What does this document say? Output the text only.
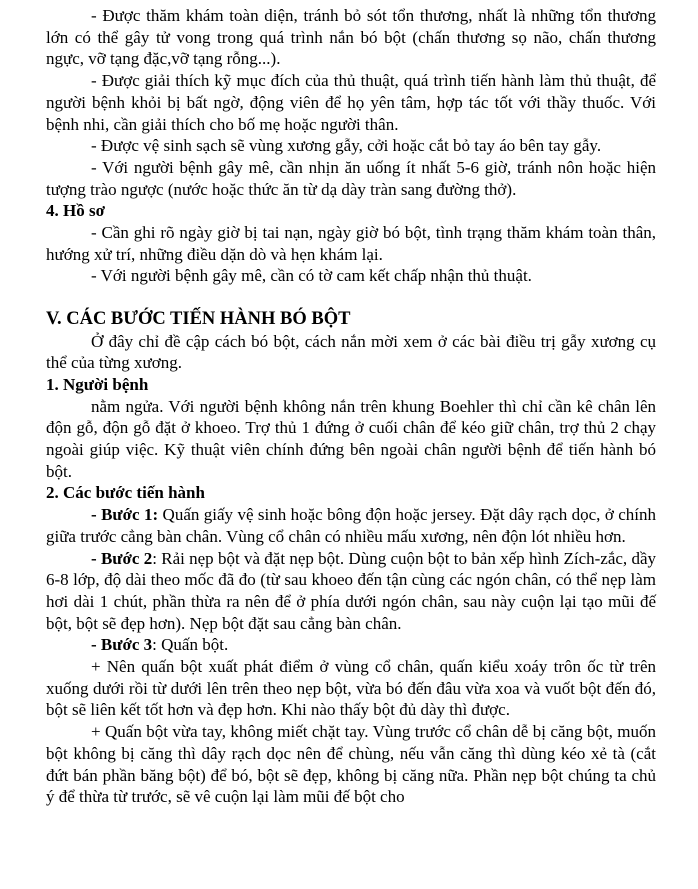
- Được thăm khám toàn diện, tránh bỏ sót tổn thương, nhất là những tổn thương lớn có thể gây tử vong trong quá trình nắn bó bột (chấn thương sọ não, chấn thương ngực, vỡ tạng đặc,vỡ tạng rỗng...).

- Được giải thích kỹ mục đích của thủ thuật, quá trình tiến hành làm thủ thuật, để người bệnh khỏi bị bất ngờ, động viên để họ yên tâm, hợp tác tốt với thầy thuốc. Với bệnh nhi, cần giải thích cho bố mẹ hoặc người thân.

- Được vệ sinh sạch sẽ vùng xương gẫy, cởi hoặc cắt bỏ tay áo bên tay gẫy.

- Với người bệnh gây mê, cần nhịn ăn uống ít nhất 5-6 giờ, tránh nôn hoặc hiện tượng trào ngược (nước hoặc thức ăn từ dạ dày tràn sang đường thở).

4. Hồ sơ

- Cần ghi rõ ngày giờ bị tai nạn, ngày giờ bó bột, tình trạng thăm khám toàn thân, hướng xử trí, những điều dặn dò và hẹn khám lại.

- Với người bệnh gây mê, cần có tờ cam kết chấp nhận thủ thuật.

V. CÁC BƯỚC TIẾN HÀNH BÓ BỘT

Ở đây chỉ đề cập cách bó bột, cách nắn mời xem ở các bài điều trị gẫy xương cụ thể của từng xương.

1. Người bệnh

nằm ngửa. Với người bệnh không nắn trên khung Boehler thì chỉ cần kê chân lên độn gỗ, độn gỗ đặt ở khoeo. Trợ thủ 1 đứng ở cuối chân để kéo giữ chân, trợ thủ 2 chạy ngoài giúp việc. Kỹ thuật viên chính đứng bên ngoài chân người bệnh để tiến hành bó bột.

2. Các bước tiến hành

- Bước 1: Quấn giấy vệ sinh hoặc bông độn hoặc jersey. Đặt dây rạch dọc, ở chính giữa trước cẳng bàn chân. Vùng cổ chân có nhiều mấu xương, nên độn lót nhiều hơn.

- Bước 2: Rải nẹp bột và đặt nẹp bột. Dùng cuộn bột to bản xếp hình Zích-zắc, dầy 6-8 lớp, độ dài theo mốc đã đo (từ sau khoeo đến tận cùng các ngón chân, có thể nẹp làm hơi dài 1 chút, phần thừa ra nên để ở phía dưới ngón chân, sau này cuộn lại tạo mũi đế bột, bột sẽ đẹp hơn). Nẹp bột đặt sau cẳng bàn chân.

- Bước 3: Quấn bột.

+ Nên quấn bột xuất phát điểm ở vùng cổ chân, quấn kiểu xoáy trôn ốc từ trên xuống dưới rồi từ dưới lên trên theo nẹp bột, vừa bó đến đâu vừa xoa và vuốt bột đến đó, bột sẽ liên kết tốt hơn và đẹp hơn. Khi nào thấy bột đủ dày thì được.

+ Quấn bột vừa tay, không miết chặt tay. Vùng trước cổ chân dễ bị căng bột, muốn bột không bị căng thì dây rạch dọc nên để chùng, nếu vẫn căng thì dùng kéo xẻ tà (cắt đứt bán phần băng bột) để bó, bột sẽ đẹp, không bị căng nữa. Phần nẹp bột chúng ta chủ ý để thừa từ trước, sẽ vê cuộn lại làm mũi đế bột cho
